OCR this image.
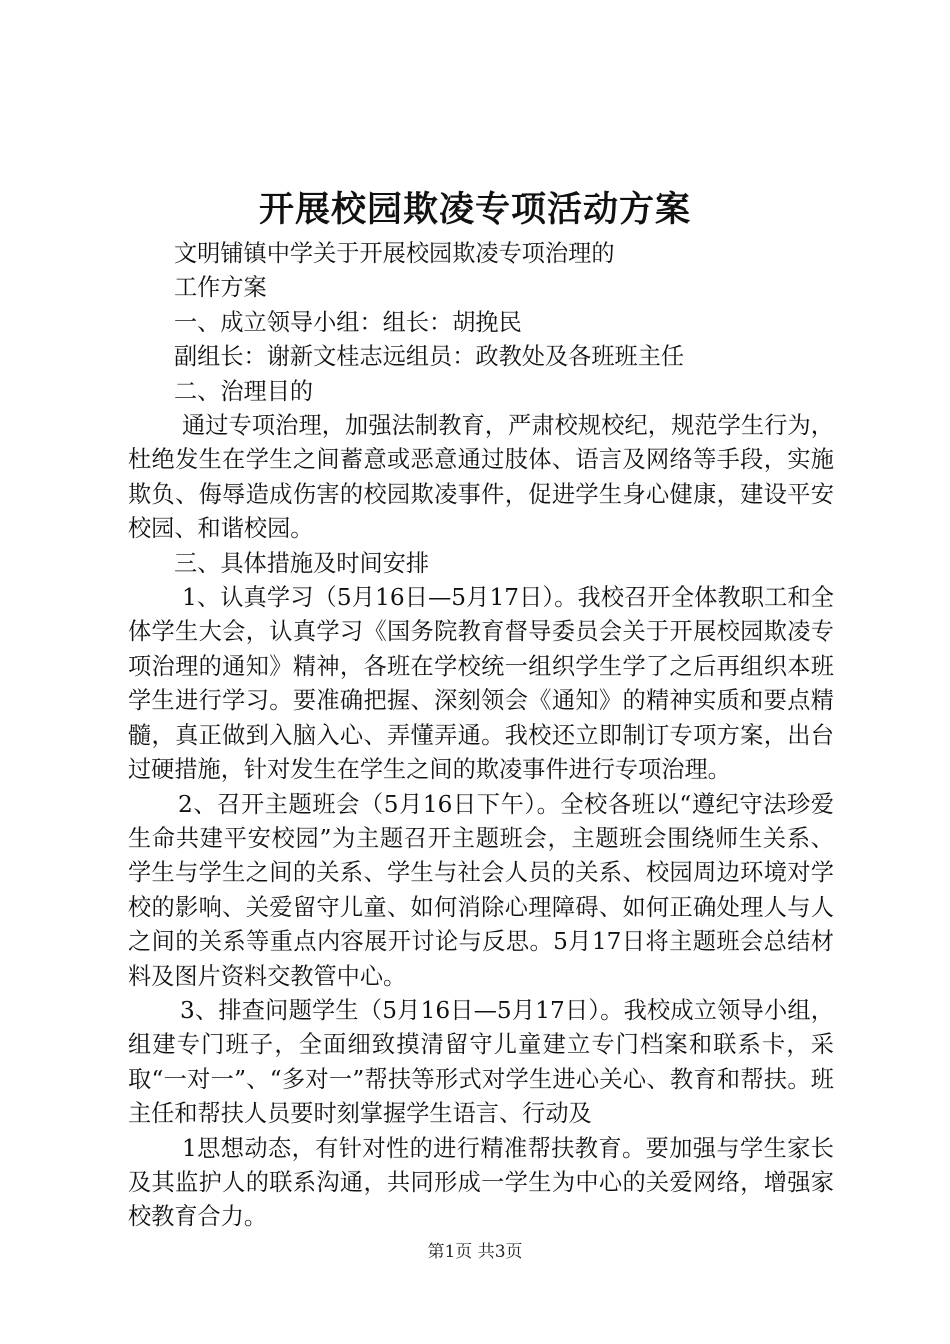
开展校园欺凌专项活动方案

文明铺镇中学关于开展校园欺凌专项治理的

工作方案

一、成立领导小组：组长：胡挽民

副组长：谢新文桂志远组员：政教处及各班班主任

二、治理目的

通过专项治理，加强法制教育，严肃校规校纪，规范学生行为，杜绝发生在学生之间蓄意或恶意通过肢体、语言及网络等手段，实施欺负、侮辱造成伤害的校园欺凌事件，促进学生身心健康，建设平安校园、和谐校园。

三、具体措施及时间安排

1、认真学习（5月16日—5月17日）。我校召开全体教职工和全体学生大会，认真学习《国务院教育督导委员会关于开展校园欺凌专项治理的通知》精神，各班在学校统一组织学生学了之后再组织本班学生进行学习。要准确把握、深刻领会《通知》的精神实质和要点精髓，真正做到入脑入心、弄懂弄通。我校还立即制订专项方案，出台过硬措施，针对发生在学生之间的欺凌事件进行专项治理。

2、召开主题班会（5月16日下午）。全校各班以“遵纪守法珍爱生命共建平安校园”为主题召开主题班会，主题班会围绕师生关系、学生与学生之间的关系、学生与社会人员的关系、校园周边环境对学校的影响、关爱留守儿童、如何消除心理障碍、如何正确处理人与人之间的关系等重点内容展开讨论与反思。5月17日将主题班会总结材料及图片资料交教管中心。

3、排查问题学生（5月16日—5月17日）。我校成立领导小组，组建专门班子，全面细致摸清留守儿童建立专门档案和联系卡，采取“一对一”、“多对一”帮扶等形式对学生进心关心、教育和帮扶。班主任和帮扶人员要时刻掌握学生语言、行动及

1思想动态，有针对性的进行精准帮扶教育。要加强与学生家长及其监护人的联系沟通，共同形成一学生为中心的关爱网络，增强家校教育合力。

第1页 共3页
